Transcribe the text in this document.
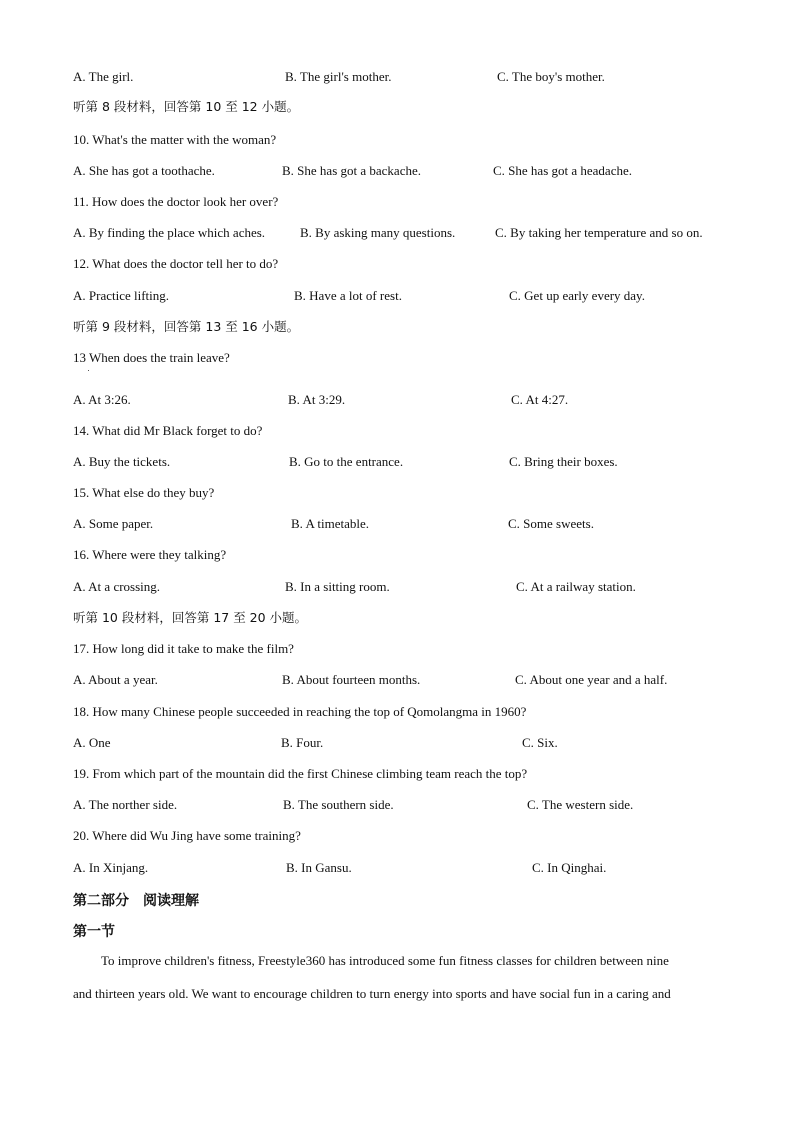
A. The girl.	B. The girl's mother.	C. The boy's mother.
听第 8 段材料，回答第 10 至 12 小题。
10. What's the matter with the woman?
A. She has got a toothache.	B. She has got a backache.	C. She has got a headache.
11. How does the doctor look her over?
A. By finding the place which aches.	B. By asking many questions.	C. By taking her temperature and so on.
12. What does the doctor tell her to do?
A. Practice lifting.	B. Have a lot of rest.	C. Get up early every day.
听第 9 段材料，回答第 13 至 16 小题。
13 When does the train leave?
A. At 3:26.	B. At 3:29.	C. At 4:27.
14. What did Mr Black forget to do?
A. Buy the tickets.	B. Go to the entrance.	C. Bring their boxes.
15. What else do they buy?
A. Some paper.	B. A timetable.	C. Some sweets.
16. Where were they talking?
A. At a crossing.	B. In a sitting room.	C. At a railway station.
听第 10 段材料，回答第 17 至 20 小题。
17. How long did it take to make the film?
A. About a year.	B. About fourteen months.	C. About one year and a half.
18. How many Chinese people succeeded in reaching the top of Qomolangma in 1960?
A. One	B. Four.	C. Six.
19. From which part of the mountain did the first Chinese climbing team reach the top?
A. The norther side.	B. The southern side.	C. The western side.
20. Where did Wu Jing have some training?
A. In Xinjang.	B. In Gansu.	C. In Qinghai.
第二部分　阅读理解
第一节
To improve children's fitness, Freestyle360 has introduced some fun fitness classes for children between nine
and thirteen years old. We want to encourage children to turn energy into sports and have social fun in a caring and
